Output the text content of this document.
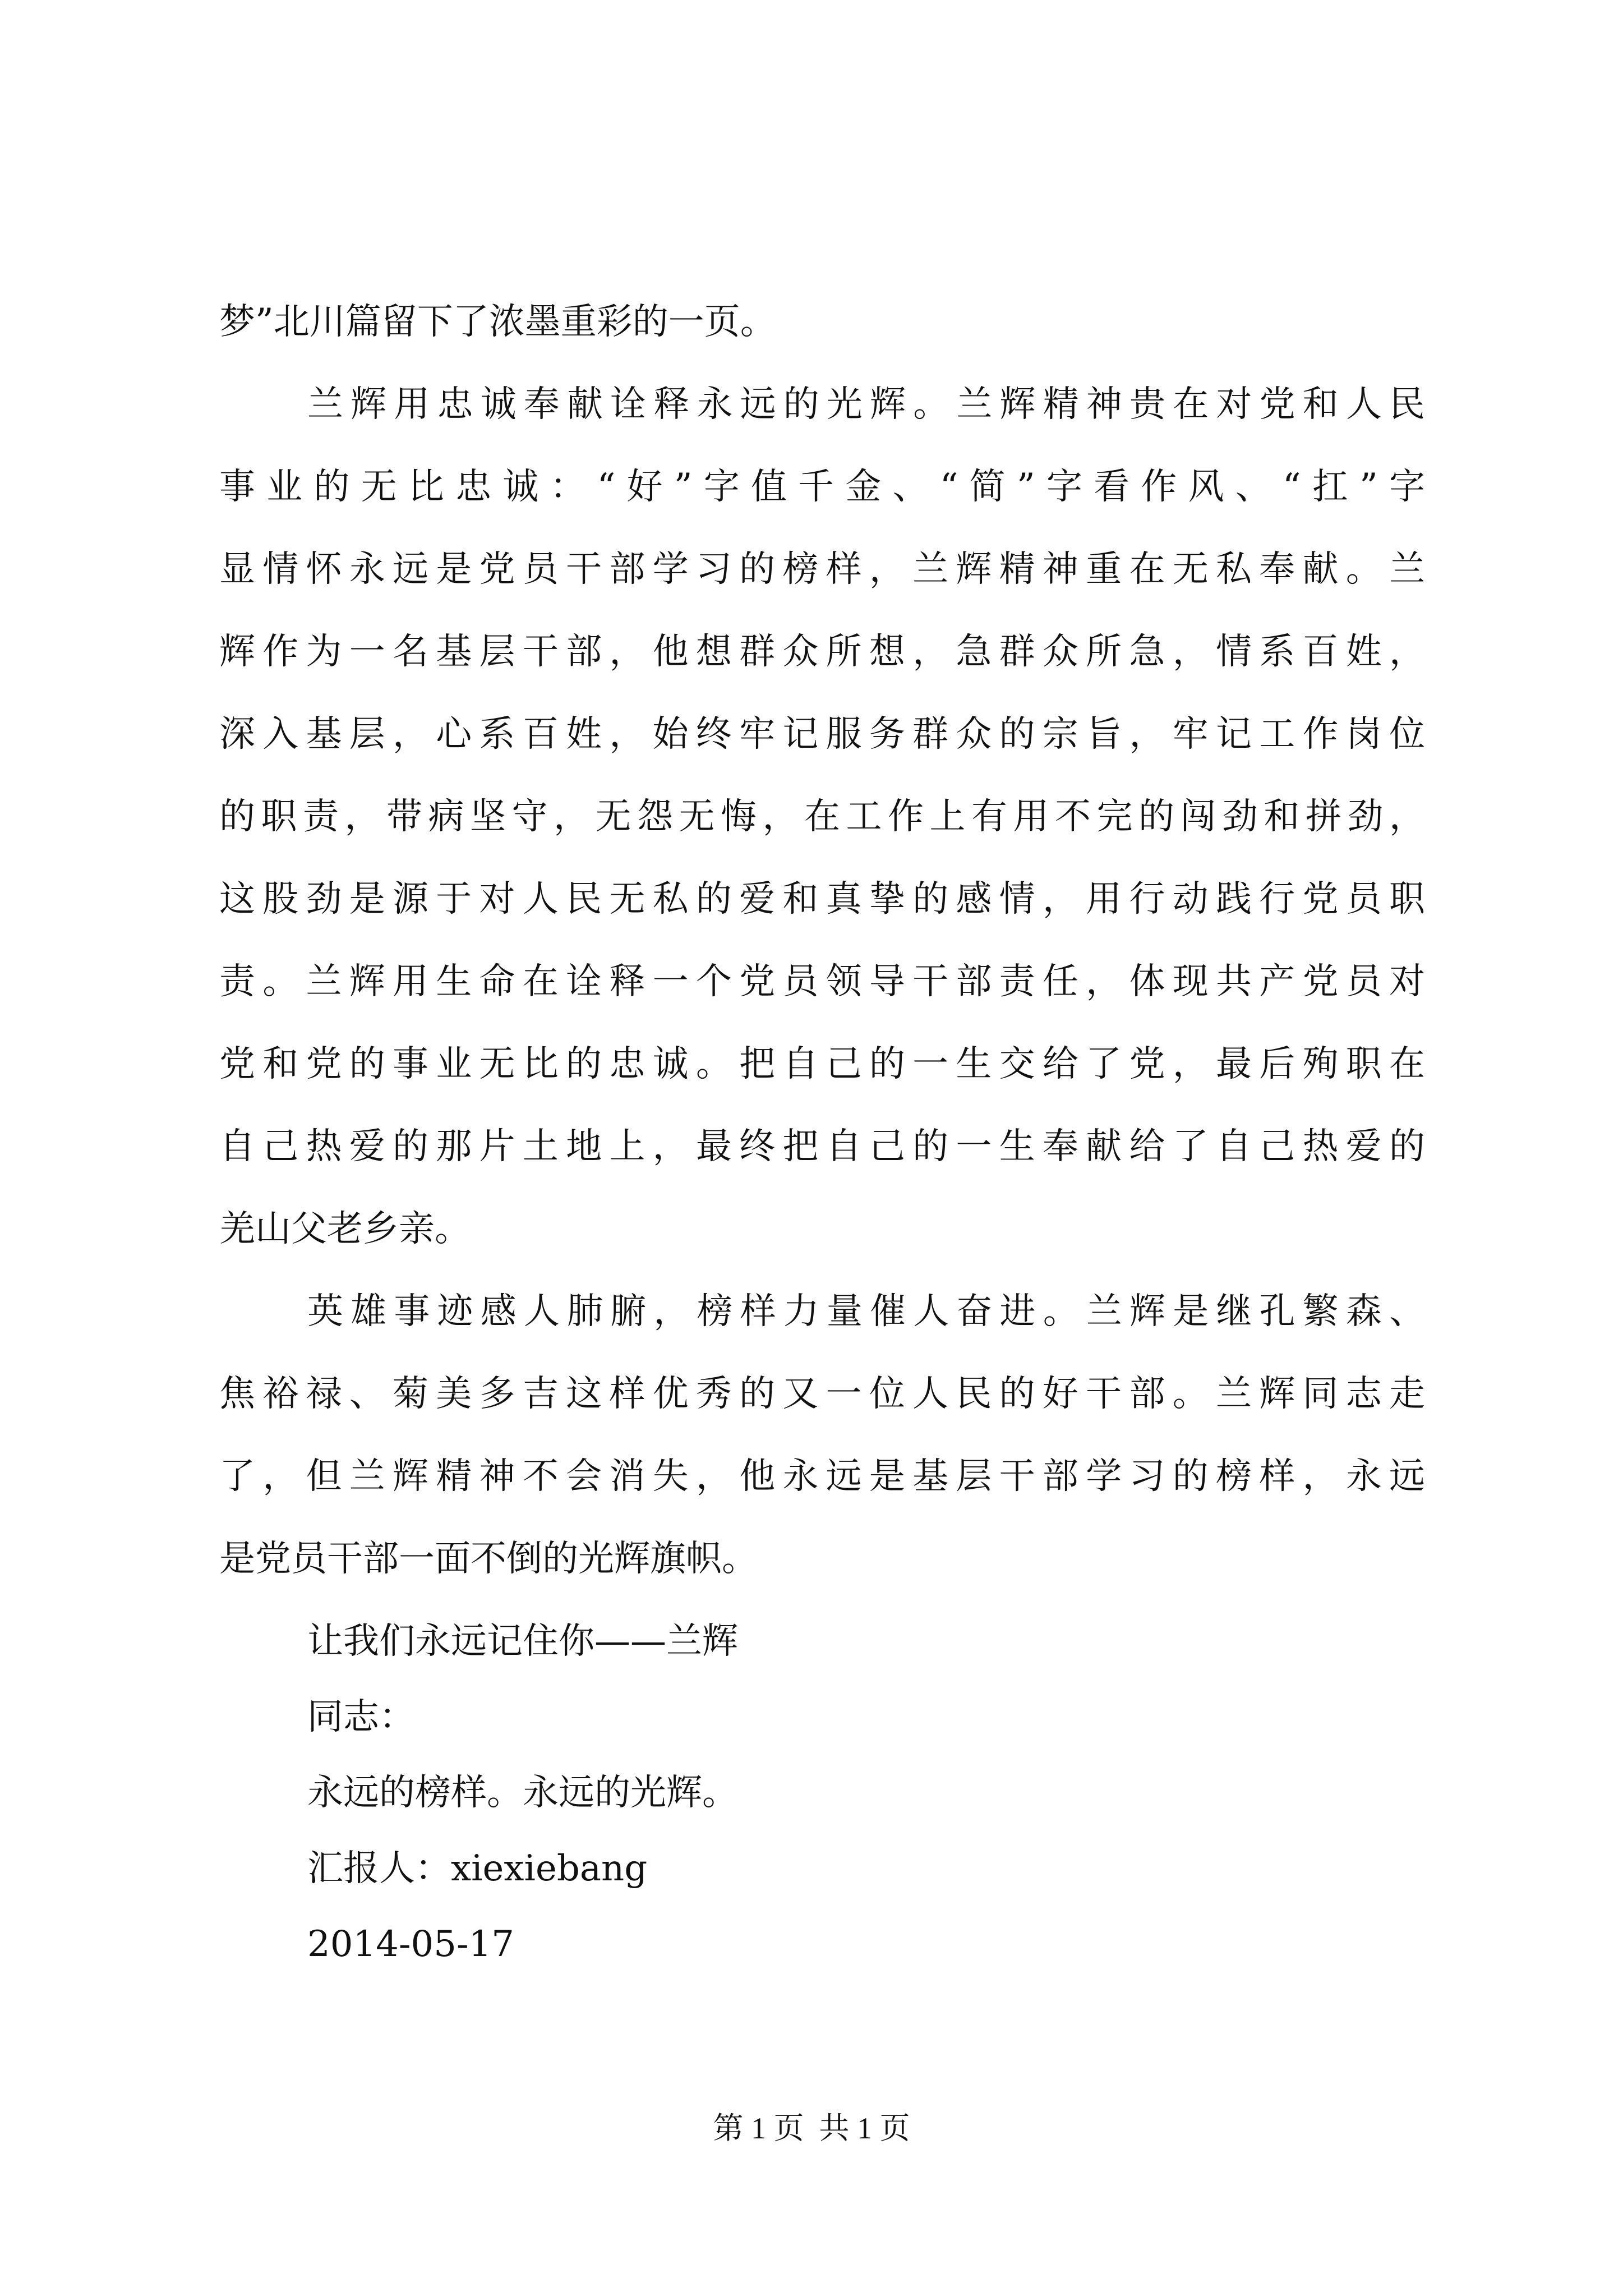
梦”北川篇留下了浓墨重彩的一页。
兰辉用忠诚奉献诠释永远的光辉。兰辉精神贵在对党和人民
事业的无比忠诚：“好”字值千金、“简”字看作风、“扛”字
显情怀永远是党员干部学习的榜样，兰辉精神重在无私奉献。兰
辉作为一名基层干部，他想群众所想，急群众所急，情系百姓，
深入基层，心系百姓，始终牢记服务群众的宗旨，牢记工作岗位
的职责，带病坚守，无怨无悔，在工作上有用不完的闯劲和拼劲，
这股劲是源于对人民无私的爱和真挚的感情，用行动践行党员职
责。兰辉用生命在诠释一个党员领导干部责任，体现共产党员对
党和党的事业无比的忠诚。把自己的一生交给了党，最后殉职在
自己热爱的那片土地上，最终把自己的一生奉献给了自己热爱的
羌山父老乡亲。
英雄事迹感人肺腑，榜样力量催人奋进。兰辉是继孔繁森、
焦裕禄、菊美多吉这样优秀的又一位人民的好干部。兰辉同志走
了，但兰辉精神不会消失，他永远是基层干部学习的榜样，永远
是党员干部一面不倒的光辉旗帜。
让我们永远记住你——兰辉
同志：
永远的榜样。永远的光辉。
汇报人：xiexiebang
2014-05-17
第 1 页  共 1 页
